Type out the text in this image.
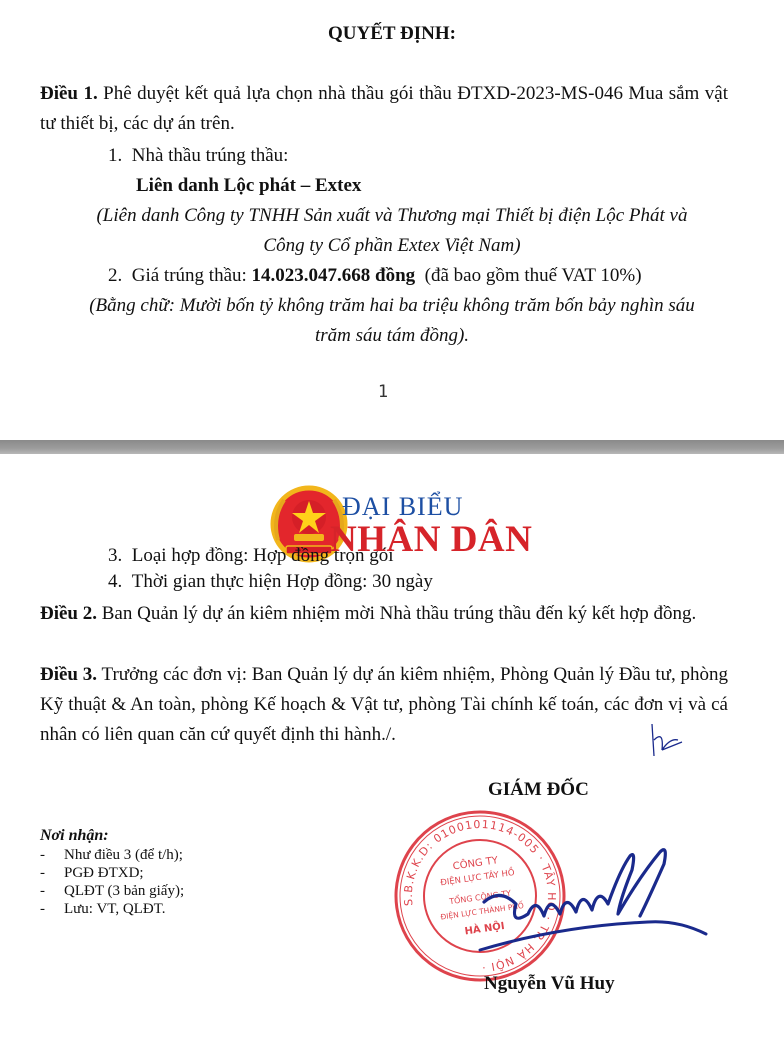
QUYẾT ĐỊNH:
Điều 1. Phê duyệt kết quả lựa chọn nhà thầu gói thầu ĐTXD-2023-MS-046 Mua sắm vật tư thiết bị, các dự án trên.
1. Nhà thầu trúng thầu:
Liên danh Lộc phát – Extex
(Liên danh Công ty TNHH Sản xuất và Thương mại Thiết bị điện Lộc Phát và
Công ty Cổ phần Extex Việt Nam)
2. Giá trúng thầu: 14.023.047.668 đồng (đã bao gồm thuế VAT 10%)
(Bằng chữ: Mười bốn tỷ không trăm hai ba triệu không trăm bốn bảy nghìn sáu
trăm sáu tám đồng).
1
ĐẠI BIỂU
3. Loại hợp đồng: Hợp đồng trọn gói
NHÂN DÂN
4. Thời gian thực hiện Hợp đồng: 30 ngày
Điều 2. Ban Quản lý dự án kiêm nhiệm mời Nhà thầu trúng thầu đến ký kết hợp đồng.
Điều 3. Trưởng các đơn vị: Ban Quản lý dự án kiêm nhiệm, Phòng Quản lý Đầu tư, phòng Kỹ thuật & An toàn, phòng Kế hoạch & Vật tư, phòng Tài chính kế toán, các đơn vị và cá nhân có liên quan căn cứ quyết định thi hành./.
GIÁM ĐỐC
Nơi nhận:
- Như điều 3 (để t/h);
- PGĐ ĐTXD;
- QLĐT (3 bản giấy);
- Lưu: VT, QLĐT.	S.B.K.K.D: 0100101114-005 · TÂY HỒ · TP. HÀ NỘI ·
CÔNG TY
ĐIỆN LỰC TÂY HỒ
TỔNG CÔNG TY
ĐIỆN LỰC THÀNH PHỐ
HÀ NỘI
Nguyễn Vũ Huy
